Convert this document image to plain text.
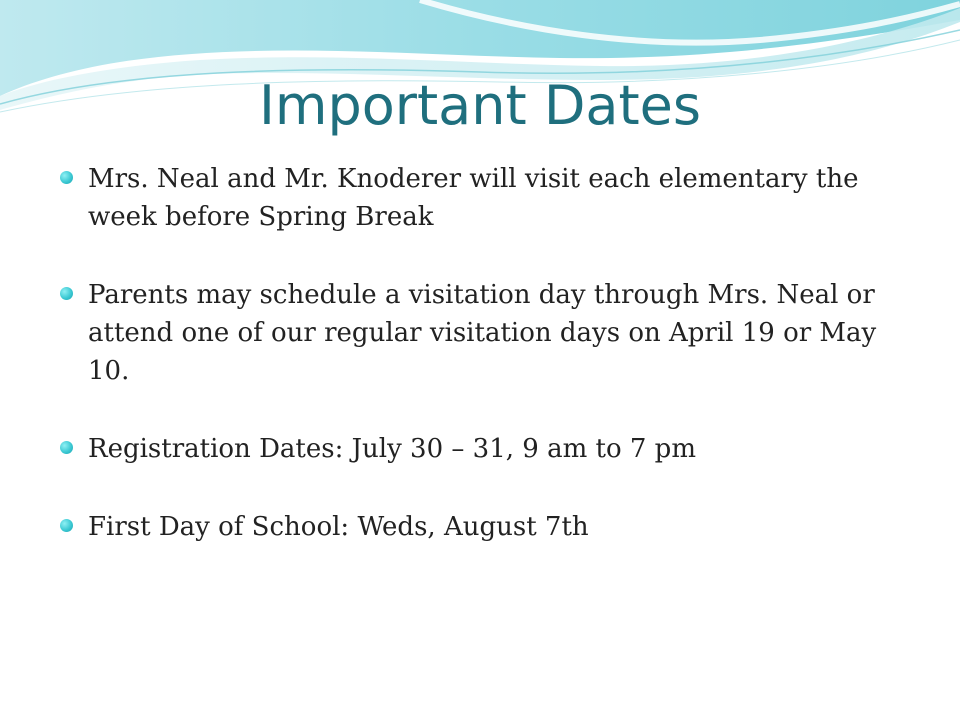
Important Dates
Mrs. Neal and Mr. Knoderer will visit each elementary the week before Spring Break
Parents may schedule a visitation day through Mrs. Neal or attend one of our regular visitation days on April 19 or May 10.
Registration Dates: July 30 – 31, 9 am to 7 pm
First Day of School: Weds, August 7th
